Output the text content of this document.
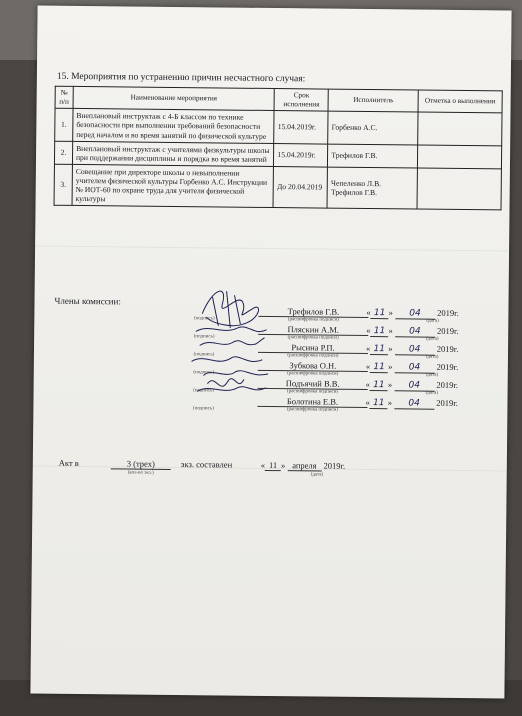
15. Мероприятия по устранению причин несчастного случая:
№ п/п	Наименование мероприятия	Срок исполнения	Исполнитель	Отметка о выполнении
1.	Внеплановый инструктаж с 4-Б классом по технике безопасности при выполнении требований безопасности перед началом и во время занятий по физической культуре	15.04.2019г.	Горбенко А.С.	
2.	Внеплановый инструктаж с учителями физкультуры школы при поддержании дисциплины и порядка во время занятий	15.04.2019г.	Трефилов Г.В.	
3.	Совещание при директоре школы о невыполнении учителем физической культуры Горбенко А.С. Инструкции № ИОТ-60 по охране труда для учителя физической культуры	До 20.04.2019	Чепеленко Л.В. Трефилов Г.В.	
Члены комиссии:
Трефилов Г.В.
(подпись)	(расшифровка подписи)
« 11 » 04 2019г.
(дата)
Пляскин А.М.
(подпись)	(расшифровка подписи)
« 11 » 04 2019г.
(дата)
Рысина Р.П.
(подпись)	(расшифровка подписи)
« 11 » 04 2019г.
(дата)
Зубкова О.Н.
(подпись)	(расшифровка подписи)
« 11 » 04 2019г.
(дата)
Подъячий В.В.
(подпись)	(расшифровка подписи)
« 11 » 04 2019г.
(дата)
Болотина Е.В.
(подпись)	(расшифровка подписи)
« 11 » 04 2019г.
Акт в	3 (трех)
(кол-во экз.)
экз. составлен	« 11 » апреля 2019г.
(дата)
